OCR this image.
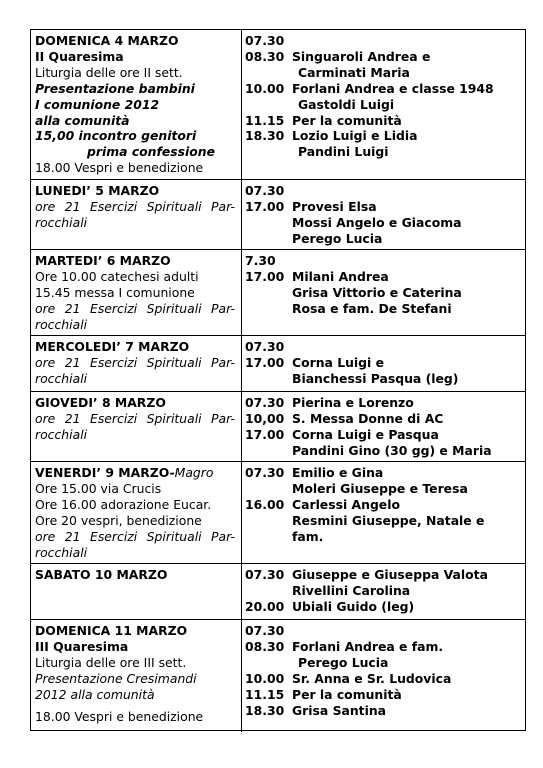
DOMENICA 4 MARZO
II Quaresima
Liturgia delle ore II sett.
Presentazione bambini
I comunione 2012
alla comunità
15,00 incontro genitori
prima confessione
18.00 Vespri e benedizione
07.30
08.30 Singuaroli Andrea e
Carminati Maria
10.00 Forlani Andrea e classe 1948
Gastoldi Luigi
11.15 Per la comunità
18.30 Lozio Luigi e Lidia
Pandini Luigi
LUNEDI’ 5 MARZO
ore 21 Esercizi Spirituali Par-
rocchiali
07.30
17.00 Provesi Elsa
Mossi Angelo e Giacoma
Perego Lucia
MARTEDI’ 6 MARZO
Ore 10.00 catechesi adulti
15.45 messa I comunione
ore 21 Esercizi Spirituali Par-
rocchiali
7.30
17.00 Milani Andrea
Grisa Vittorio e Caterina
Rosa e fam. De Stefani
MERCOLEDI’ 7 MARZO
ore 21 Esercizi Spirituali Par-
rocchiali
07.30
17.00 Corna Luigi e
Bianchessi Pasqua (leg)
GIOVEDI’ 8 MARZO
ore 21 Esercizi Spirituali Par-
rocchiali
07.30 Pierina e Lorenzo
10,00 S. Messa Donne di AC
17.00 Corna Luigi e Pasqua
Pandini Gino (30 gg) e Maria
VENERDI’ 9 MARZO-Magro
Ore 15.00 via Crucis
Ore 16.00 adorazione Eucar.
Ore 20 vespri, benedizione
ore 21 Esercizi Spirituali Par-
rocchiali
07.30 Emilio e Gina
Moleri Giuseppe e Teresa
16.00 Carlessi Angelo
Resmini Giuseppe, Natale e
fam.
SABATO 10 MARZO	07.30 Giuseppe e Giuseppa Valota
Rivellini Carolina
20.00 Ubiali Guido (leg)
DOMENICA 11 MARZO
III Quaresima
Liturgia delle ore III sett.
Presentazione Cresimandi
2012 alla comunità
18.00 Vespri e benedizione
07.30
08.30 Forlani Andrea e fam.
Perego Lucia
10.00 Sr. Anna e Sr. Ludovica
11.15 Per la comunità
18.30 Grisa Santina
